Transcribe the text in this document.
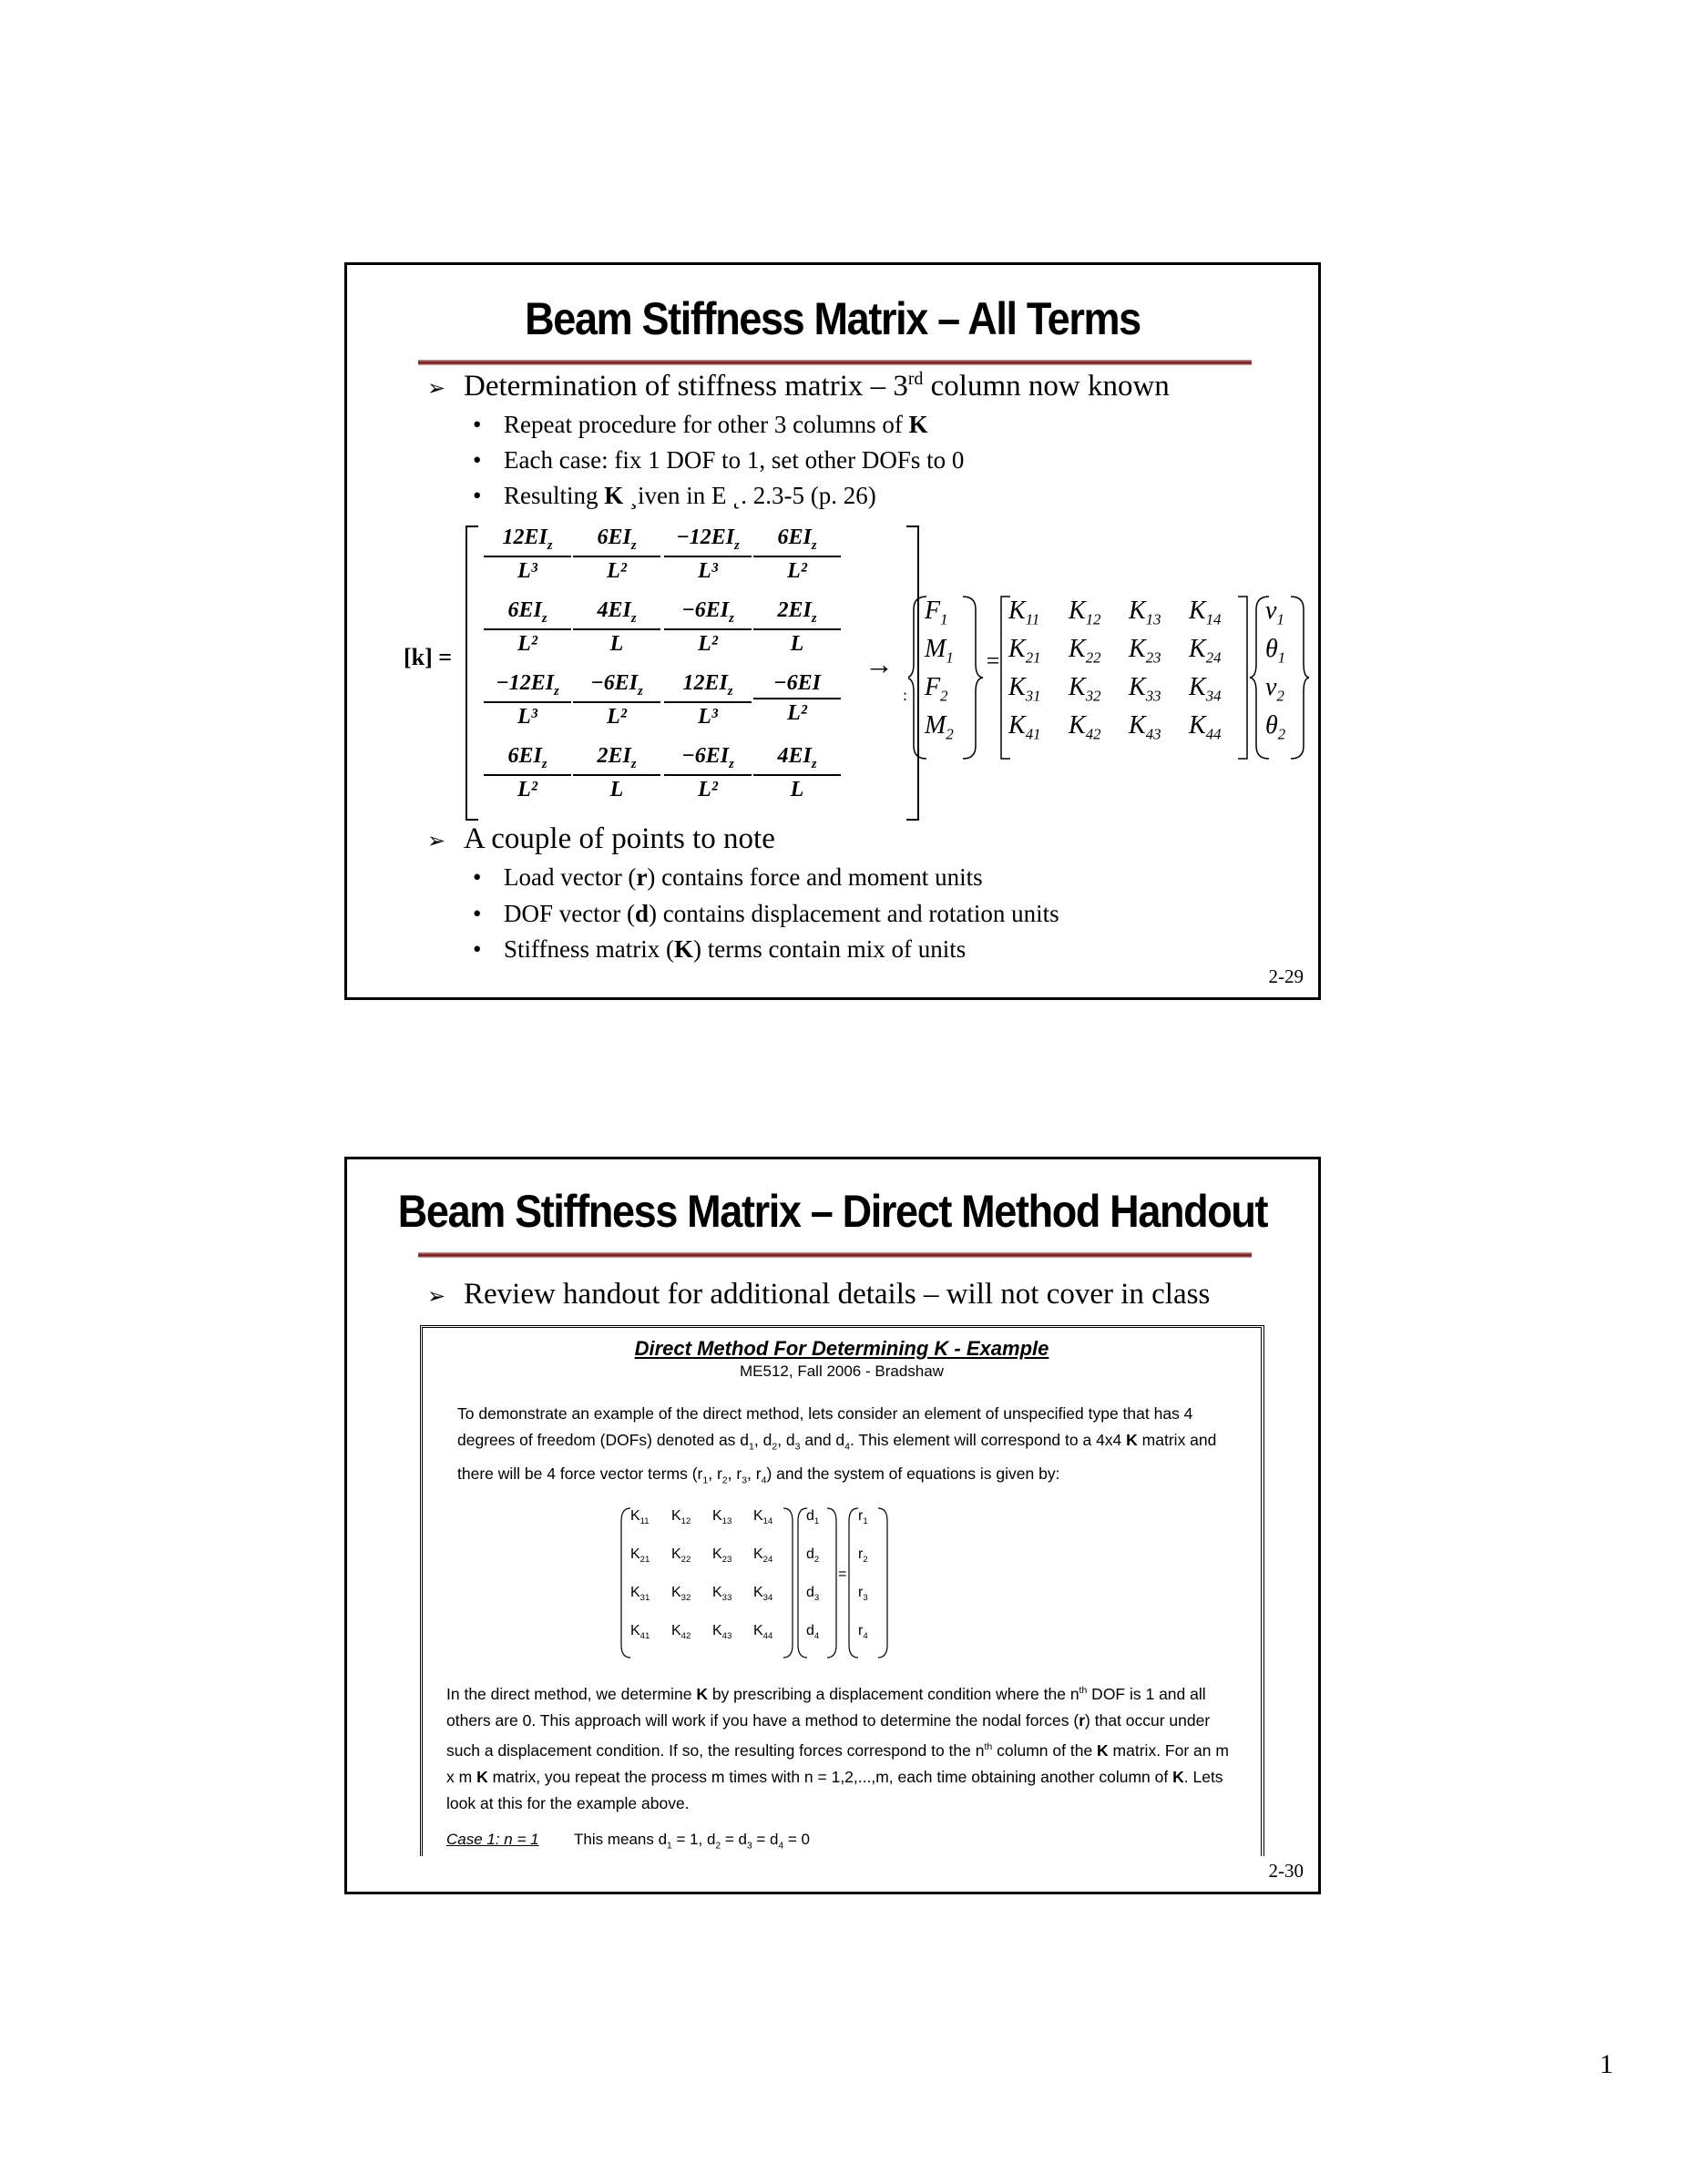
Beam Stiffness Matrix – All Terms
➢ Determination of stiffness matrix – 3rd column now known
• Repeat procedure for other 3 columns of K
• Each case: fix 1 DOF to 1, set other DOFs to 0
• Resulting K ¸iven in E ˛. 2.3-5 (p. 26)
[k] =
$12EI_z$
L³
$6EI_z$
L²
$-12EI_z$
L³
$6EI_z$
L²
$6EI_z$
L²
$4EI_z$
L
$-6EI_z$
L²
$2EI_z$
L
$-12EI_z$
L³
$-6EI_z$
L²
$12EI_z$
L³	$\frac{-6EI}{\text{L²}}$
$6EI_z$
L²
$2EI_z$
L
$-6EI_z$
L²
$4EI_z$
L
:
→
$F_1$
$M_1$
$F_2$
$M_2$
=
$K_{11}$ $K_{12}$ $K_{13}$ $K_{14}$
$K_{21}$ $K_{22}$ $K_{23}$ $K_{24}$
$K_{31}$ $K_{32}$ $K_{33}$ $K_{34}$
$K_{41}$ $K_{42}$ $K_{43}$ $K_{44}$
$v_1$
$\theta_1$
$v_2$
$\theta_2$
➢ A couple of points to note
• Load vector (r) contains force and moment units
• DOF vector (d) contains displacement and rotation units
• Stiffness matrix (K) terms contain mix of units
2-29
Beam Stiffness Matrix – Direct Method Handout
➢ Review handout for additional details – will not cover in class
Direct Method For Determining K - Example
ME512, Fall 2006 - Bradshaw
To demonstrate an example of the direct method, lets consider an element of unspecified type that has 4 degrees of freedom (DOFs) denoted as $d_1$, $d_2$, $d_3$ and $d_4$. This element will correspond to a 4x4 K matrix and there will be 4 force vector terms ($r_1$, $r_2$, $r_3$, $r_4$) and the system of equations is given by:
$K_{11}$ $K_{12}$ $K_{13}$ $K_{14}$
$K_{21}$ $K_{22}$ $K_{23}$ $K_{24}$
$K_{31}$ $K_{32}$ $K_{33}$ $K_{34}$
$K_{41}$ $K_{42}$ $K_{43}$ $K_{44}$
$d_1$
$d_2$
$d_3$
$d_4$
=
$r_1$
$r_2$
$r_3$
$r_4$
In the direct method, we determine K by prescribing a displacement condition where the $n^{th}$ DOF is 1 and all others are 0. This approach will work if you have a method to determine the nodal forces (r) that occur under such a displacement condition. If so, the resulting forces correspond to the $n^{th}$ column of the K matrix. For an m x m K matrix, you repeat the process m times with n = 1,2,...,m, each time obtaining another column of K. Lets look at this for the example above.
Case 1: n = 1 This means $d_1 = 1$, $d_2 = d_3 = d_4 = 0$
2-30
1
